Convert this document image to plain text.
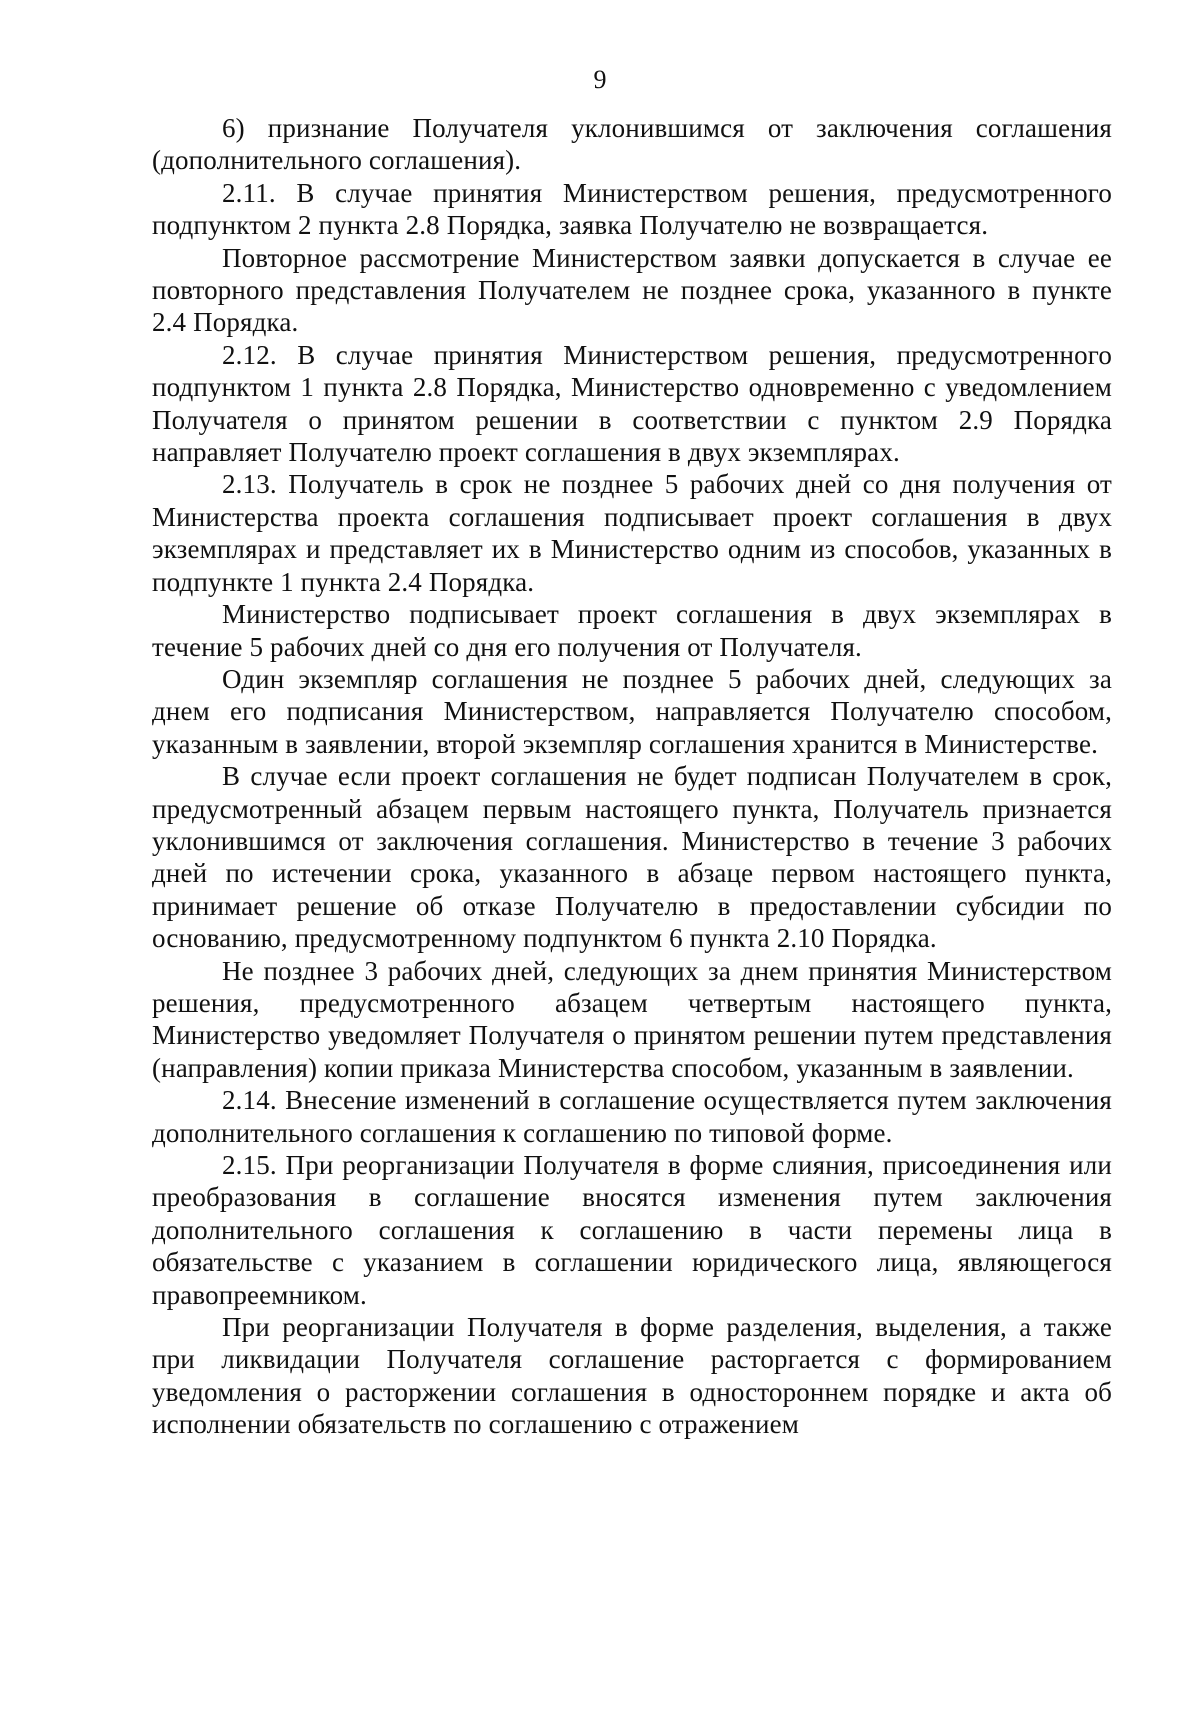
9

6) признание Получателя уклонившимся от заключения соглашения (дополнительного соглашения).

2.11. В случае принятия Министерством решения, предусмотренного подпунктом 2 пункта 2.8 Порядка, заявка Получателю не возвращается.

Повторное рассмотрение Министерством заявки допускается в случае ее повторного представления Получателем не позднее срока, указанного в пункте 2.4 Порядка.

2.12. В случае принятия Министерством решения, предусмотренного подпунктом 1 пункта 2.8 Порядка, Министерство одновременно с уведомлением Получателя о принятом решении в соответствии с пунктом 2.9 Порядка направляет Получателю проект соглашения в двух экземплярах.

2.13. Получатель в срок не позднее 5 рабочих дней со дня получения от Министерства проекта соглашения подписывает проект соглашения в двух экземплярах и представляет их в Министерство одним из способов, указанных в подпункте 1 пункта 2.4 Порядка.

Министерство подписывает проект соглашения в двух экземплярах в течение 5 рабочих дней со дня его получения от Получателя.

Один экземпляр соглашения не позднее 5 рабочих дней, следующих за днем его подписания Министерством, направляется Получателю способом, указанным в заявлении, второй экземпляр соглашения хранится в Министерстве.

В случае если проект соглашения не будет подписан Получателем в срок, предусмотренный абзацем первым настоящего пункта, Получатель признается уклонившимся от заключения соглашения. Министерство в течение 3 рабочих дней по истечении срока, указанного в абзаце первом настоящего пункта, принимает решение об отказе Получателю в предоставлении субсидии по основанию, предусмотренному подпунктом 6 пункта 2.10 Порядка.

Не позднее 3 рабочих дней, следующих за днем принятия Министерством решения, предусмотренного абзацем четвертым настоящего пункта, Министерство уведомляет Получателя о принятом решении путем представления (направления) копии приказа Министерства способом, указанным в заявлении.

2.14. Внесение изменений в соглашение осуществляется путем заключения дополнительного соглашения к соглашению по типовой форме.

2.15. При реорганизации Получателя в форме слияния, присоединения или преобразования в соглашение вносятся изменения путем заключения дополнительного соглашения к соглашению в части перемены лица в обязательстве с указанием в соглашении юридического лица, являющегося правопреемником.

При реорганизации Получателя в форме разделения, выделения, а также при ликвидации Получателя соглашение расторгается с формированием уведомления о расторжении соглашения в одностороннем порядке и акта об исполнении обязательств по соглашению с отражением
